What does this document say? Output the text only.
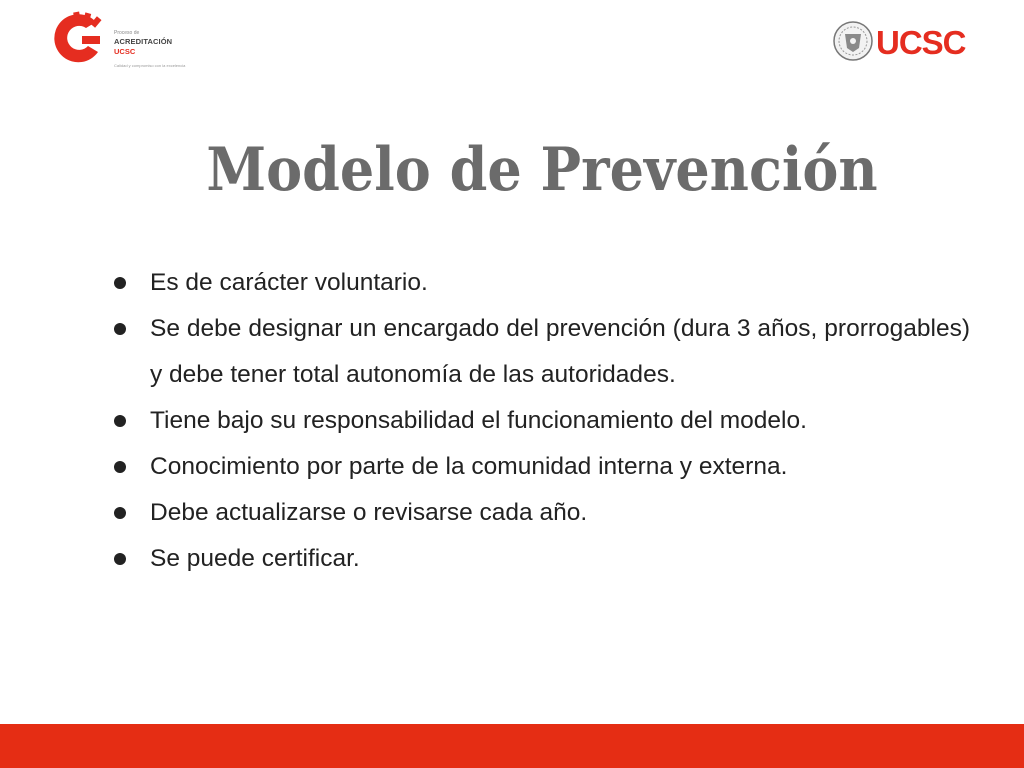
Proceso de
ACREDITACIÓN
UCSC
Calidad y compromiso con la excelencia
UCSC
Modelo de Prevención
Es de carácter voluntario.
Se debe designar un encargado del prevención (dura 3 años, prorrogables) y debe tener total autonomía de las autoridades.
Tiene bajo su responsabilidad el funcionamiento del modelo.
Conocimiento por parte de la comunidad interna y externa.
Debe actualizarse o revisarse cada año.
Se puede certificar.
